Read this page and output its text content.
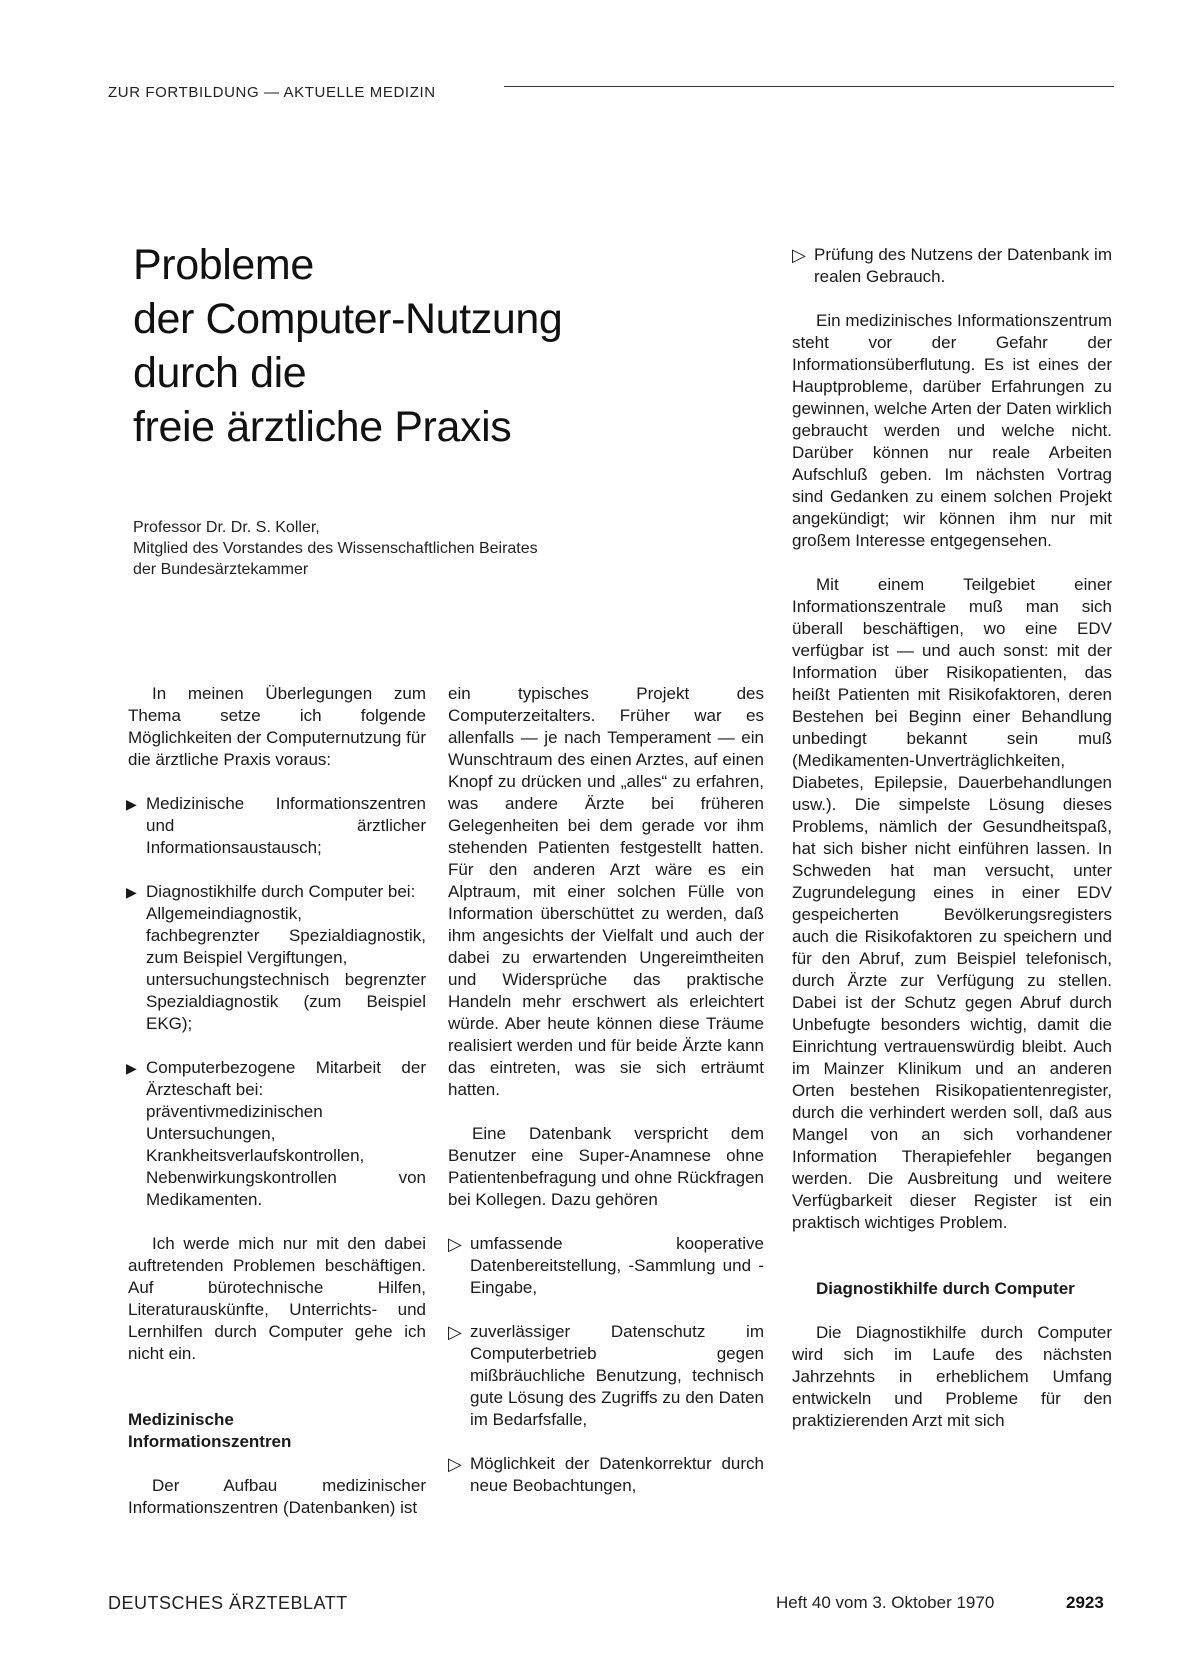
ZUR FORTBILDUNG — AKTUELLE MEDIZIN
Probleme
der Computer-Nutzung
durch die
freie ärztliche Praxis
Professor Dr. Dr. S. Koller,
Mitglied des Vorstandes des Wissenschaftlichen Beirates
der Bundesärztekammer

In meinen Überlegungen zum Thema setze ich folgende Möglichkeiten der Computernutzung für die ärztliche Praxis voraus:

▶ Medizinische Informationszentren und ärztlicher Informationsaustausch;
▶ Diagnostikhilfe durch Computer bei:
Allgemeindiagnostik,
fachbegrenzter Spezialdiagnostik, zum Beispiel Vergiftungen,
untersuchungstechnisch begrenzter Spezialdiagnostik (zum Beispiel EKG);
▶ Computerbezogene Mitarbeit der Ärzteschaft bei:
präventivmedizinischen Untersuchungen,
Krankheitsverlaufskontrollen,
Nebenwirkungskontrollen von Medikamenten.

Ich werde mich nur mit den dabei auftretenden Problemen beschäftigen. Auf bürotechnische Hilfen, Literaturauskünfte, Unterrichts- und Lernhilfen durch Computer gehe ich nicht ein.

Medizinische
Informationszentren

Der Aufbau medizinischer Informationszentren (Datenbanken) ist

ein typisches Projekt des Computerzeitalters. Früher war es allenfalls — je nach Temperament — ein Wunschtraum des einen Arztes, auf einen Knopf zu drücken und „alles“ zu erfahren, was andere Ärzte bei früheren Gelegenheiten bei dem gerade vor ihm stehenden Patienten festgestellt hatten. Für den anderen Arzt wäre es ein Alptraum, mit einer solchen Fülle von Information überschüttet zu werden, daß ihm angesichts der Vielfalt und auch der dabei zu erwartenden Ungereimtheiten und Widersprüche das praktische Handeln mehr erschwert als erleichtert würde. Aber heute können diese Träume realisiert werden und für beide Ärzte kann das eintreten, was sie sich erträumt hatten.

Eine Datenbank verspricht dem Benutzer eine Super-Anamnese ohne Patientenbefragung und ohne Rückfragen bei Kollegen. Dazu gehören

▷ umfassende kooperative Datenbereitstellung, -Sammlung und -Eingabe,
▷ zuverlässiger Datenschutz im Computerbetrieb gegen mißbräuchliche Benutzung, technisch gute Lösung des Zugriffs zu den Daten im Bedarfsfalle,
▷ Möglichkeit der Datenkorrektur durch neue Beobachtungen,
▷ Prüfung des Nutzens der Datenbank im realen Gebrauch.

Ein medizinisches Informationszentrum steht vor der Gefahr der Informationsüberflutung. Es ist eines der Hauptprobleme, darüber Erfahrungen zu gewinnen, welche Arten der Daten wirklich gebraucht werden und welche nicht. Darüber können nur reale Arbeiten Aufschluß geben. Im nächsten Vortrag sind Gedanken zu einem solchen Projekt angekündigt; wir können ihm nur mit großem Interesse entgegensehen.

Mit einem Teilgebiet einer Informationszentrale muß man sich überall beschäftigen, wo eine EDV verfügbar ist — und auch sonst: mit der Information über Risikopatienten, das heißt Patienten mit Risikofaktoren, deren Bestehen bei Beginn einer Behandlung unbedingt bekannt sein muß (Medikamenten-Unverträglichkeiten, Diabetes, Epilepsie, Dauerbehandlungen usw.). Die simpelste Lösung dieses Problems, nämlich der Gesundheitspaß, hat sich bisher nicht einführen lassen. In Schweden hat man versucht, unter Zugrundelegung eines in einer EDV gespeicherten Bevölkerungsregisters auch die Risikofaktoren zu speichern und für den Abruf, zum Beispiel telefonisch, durch Ärzte zur Verfügung zu stellen. Dabei ist der Schutz gegen Abruf durch Unbefugte besonders wichtig, damit die Einrichtung vertrauenswürdig bleibt. Auch im Mainzer Klinikum und an anderen Orten bestehen Risikopatientenregister, durch die verhindert werden soll, daß aus Mangel von an sich vorhandener Information Therapiefehler begangen werden. Die Ausbreitung und weitere Verfügbarkeit dieser Register ist ein praktisch wichtiges Problem.

Diagnostikhilfe durch Computer

Die Diagnostikhilfe durch Computer wird sich im Laufe des nächsten Jahrzehnts in erheblichem Umfang entwickeln und Probleme für den praktizierenden Arzt mit sich

DEUTSCHES ÄRZTEBLATT	Heft 40 vom 3. Oktober 1970	2923
